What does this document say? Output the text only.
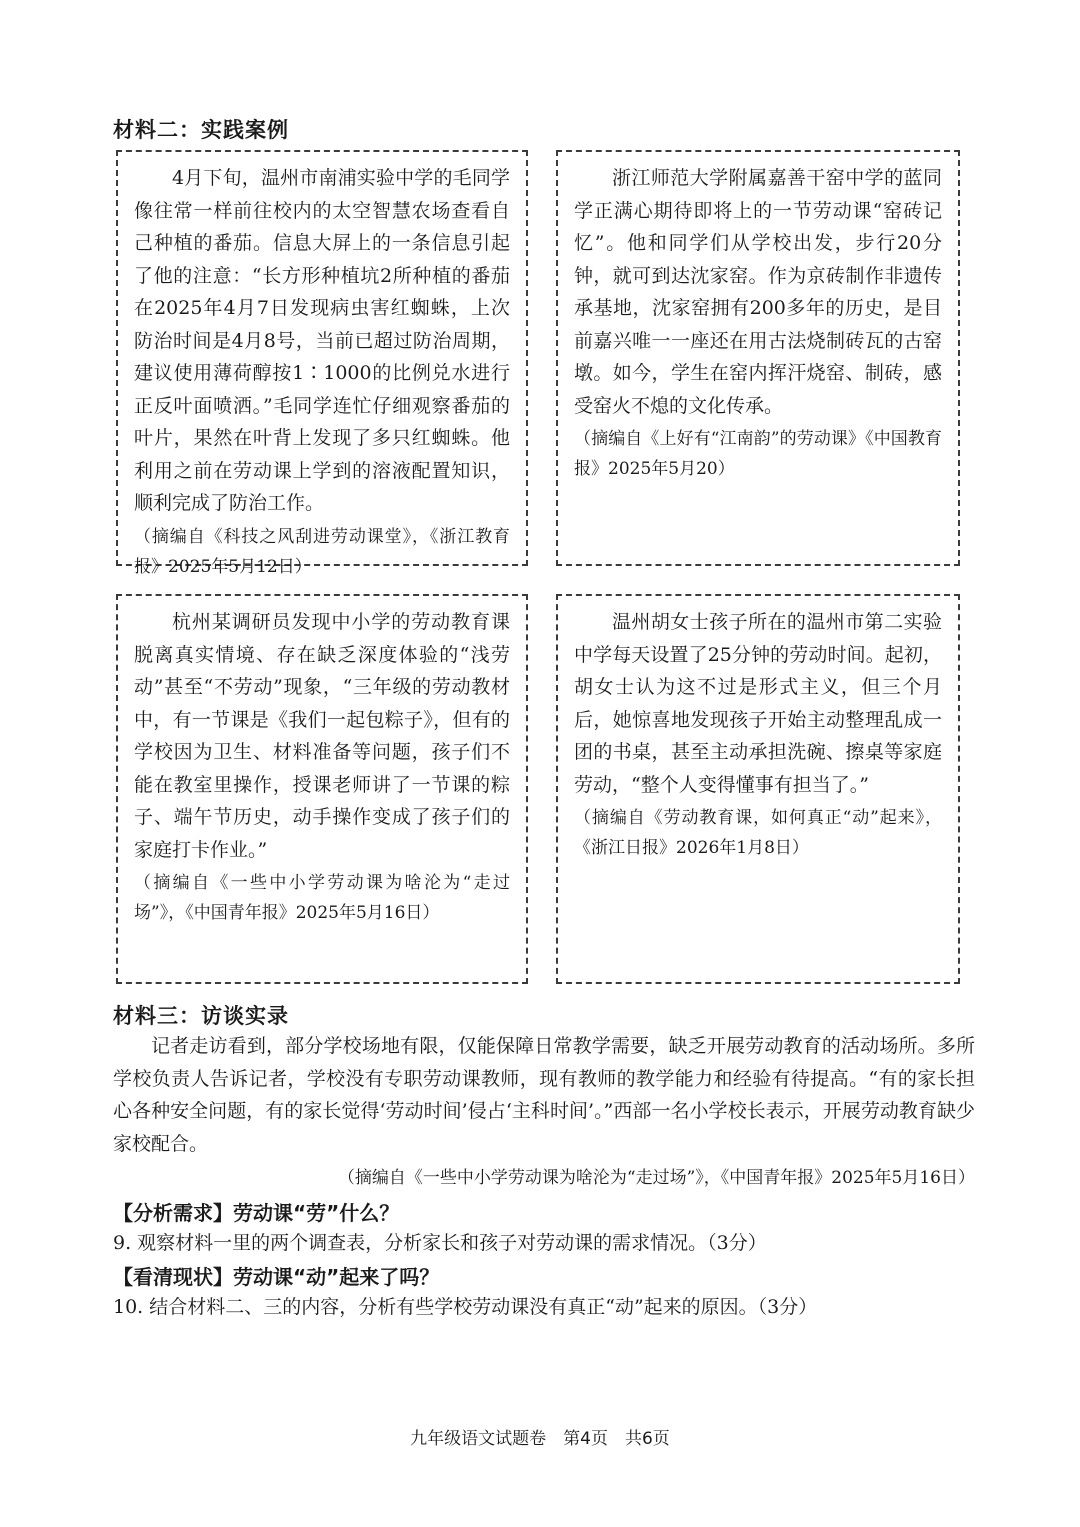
材料二：实践案例

4月下旬，温州市南浦实验中学的毛同学像往常一样前往校内的太空智慧农场查看自己种植的番茄。信息大屏上的一条信息引起了他的注意：“长方形种植坑2所种植的番茄在2025年4月7日发现病虫害红蜘蛛，上次防治时间是4月8号，当前已超过防治周期，建议使用薄荷醇按1∶1000的比例兑水进行正反叶面喷洒。”毛同学连忙仔细观察番茄的叶片，果然在叶背上发现了多只红蜘蛛。他利用之前在劳动课上学到的溶液配置知识，顺利完成了防治工作。

（摘编自《科技之风刮进劳动课堂》，《浙江教育报》2025年5月12日）

浙江师范大学附属嘉善干窑中学的蓝同学正满心期待即将上的一节劳动课“窑砖记忆”。他和同学们从学校出发，步行20分钟，就可到达沈家窑。作为京砖制作非遗传承基地，沈家窑拥有200多年的历史，是目前嘉兴唯一一座还在用古法烧制砖瓦的古窑墩。如今，学生在窑内挥汗烧窑、制砖，感受窑火不熄的文化传承。

（摘编自《上好有“江南韵”的劳动课》《中国教育报》2025年5月20）

杭州某调研员发现中小学的劳动教育课脱离真实情境、存在缺乏深度体验的“浅劳动”甚至“不劳动”现象，“三年级的劳动教材中，有一节课是《我们一起包粽子》，但有的学校因为卫生、材料准备等问题，孩子们不能在教室里操作，授课老师讲了一节课的粽子、端午节历史，动手操作变成了孩子们的家庭打卡作业。”

（摘编自《一些中小学劳动课为啥沦为“走过场”》，《中国青年报》2025年5月16日）

温州胡女士孩子所在的温州市第二实验中学每天设置了25分钟的劳动时间。起初，胡女士认为这不过是形式主义，但三个月后，她惊喜地发现孩子开始主动整理乱成一团的书桌，甚至主动承担洗碗、擦桌等家庭劳动，“整个人变得懂事有担当了。”

（摘编自《劳动教育课，如何真正“动”起来》，《浙江日报》2026年1月8日）

材料三：访谈实录

记者走访看到，部分学校场地有限，仅能保障日常教学需要，缺乏开展劳动教育的活动场所。多所学校负责人告诉记者，学校没有专职劳动课教师，现有教师的教学能力和经验有待提高。“有的家长担心各种安全问题，有的家长觉得‘劳动时间’侵占‘主科时间’。”西部一名小学校长表示，开展劳动教育缺少家校配合。

（摘编自《一些中小学劳动课为啥沦为“走过场”》，《中国青年报》2025年5月16日）

【分析需求】劳动课“劳”什么？

9. 观察材料一里的两个调查表，分析家长和孩子对劳动课的需求情况。（3分）

【看清现状】劳动课“动”起来了吗？

10. 结合材料二、三的内容，分析有些学校劳动课没有真正“动”起来的原因。（3分）

九年级语文试题卷　第4页　共6页
